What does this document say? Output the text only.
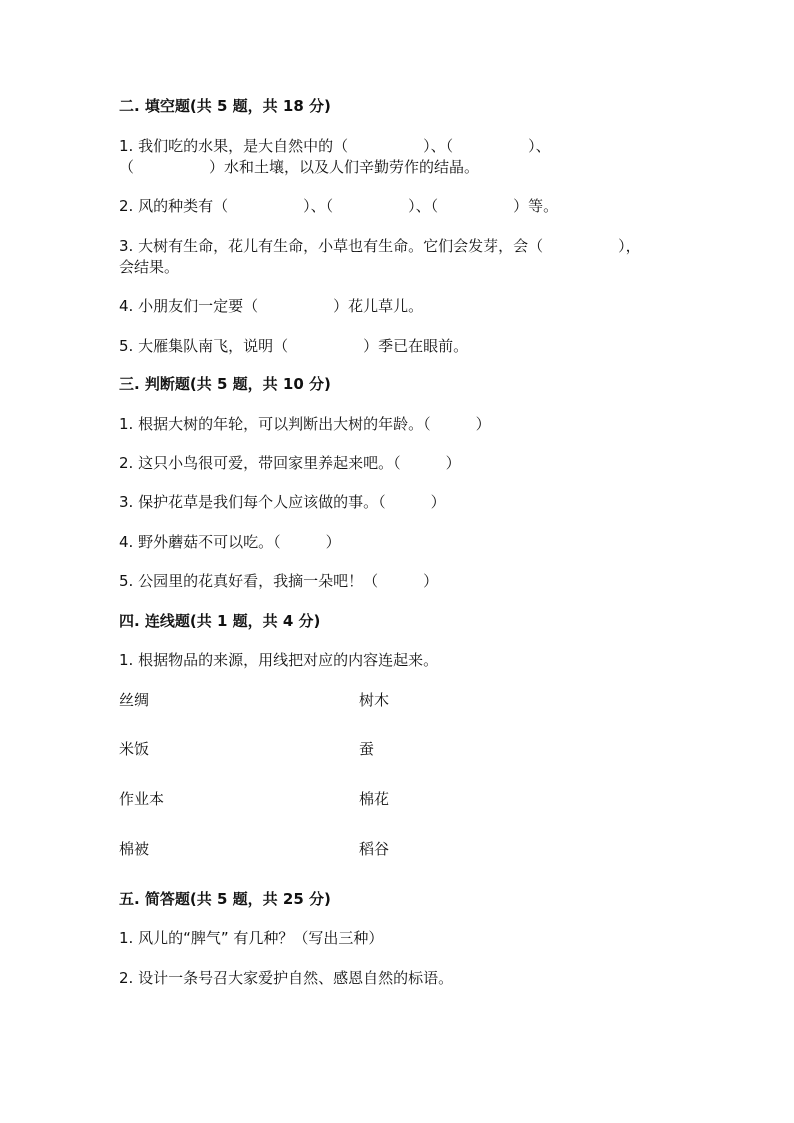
二. 填空题(共 5 题，共 18 分)
1. 我们吃的水果，是大自然中的（　　　　　）、（　　　　　）、
（　　　　　）水和土壤，以及人们辛勤劳作的结晶。
2. 风的种类有（　　　　　）、（　　　　　）、（　　　　　）等。
3. 大树有生命，花儿有生命，小草也有生命。它们会发芽，会（　　　　　），
会结果。
4. 小朋友们一定要（　　　　　）花儿草儿。
5. 大雁集队南飞，说明（　　　　　）季已在眼前。
三. 判断题(共 5 题，共 10 分)
1. 根据大树的年轮，可以判断出大树的年龄。（　　　）
2. 这只小鸟很可爱，带回家里养起来吧。（　　　）
3. 保护花草是我们每个人应该做的事。（　　　）
4. 野外蘑菇不可以吃。（　　　）
5. 公园里的花真好看，我摘一朵吧！（　　　）
四. 连线题(共 1 题，共 4 分)
1. 根据物品的来源，用线把对应的内容连起来。
丝绸	树木
米饭	蚕
作业本	棉花
棉被	稻谷
五. 简答题(共 5 题，共 25 分)
1. 风儿的“脾气” 有几种？（写出三种）
2. 设计一条号召大家爱护自然、感恩自然的标语。
